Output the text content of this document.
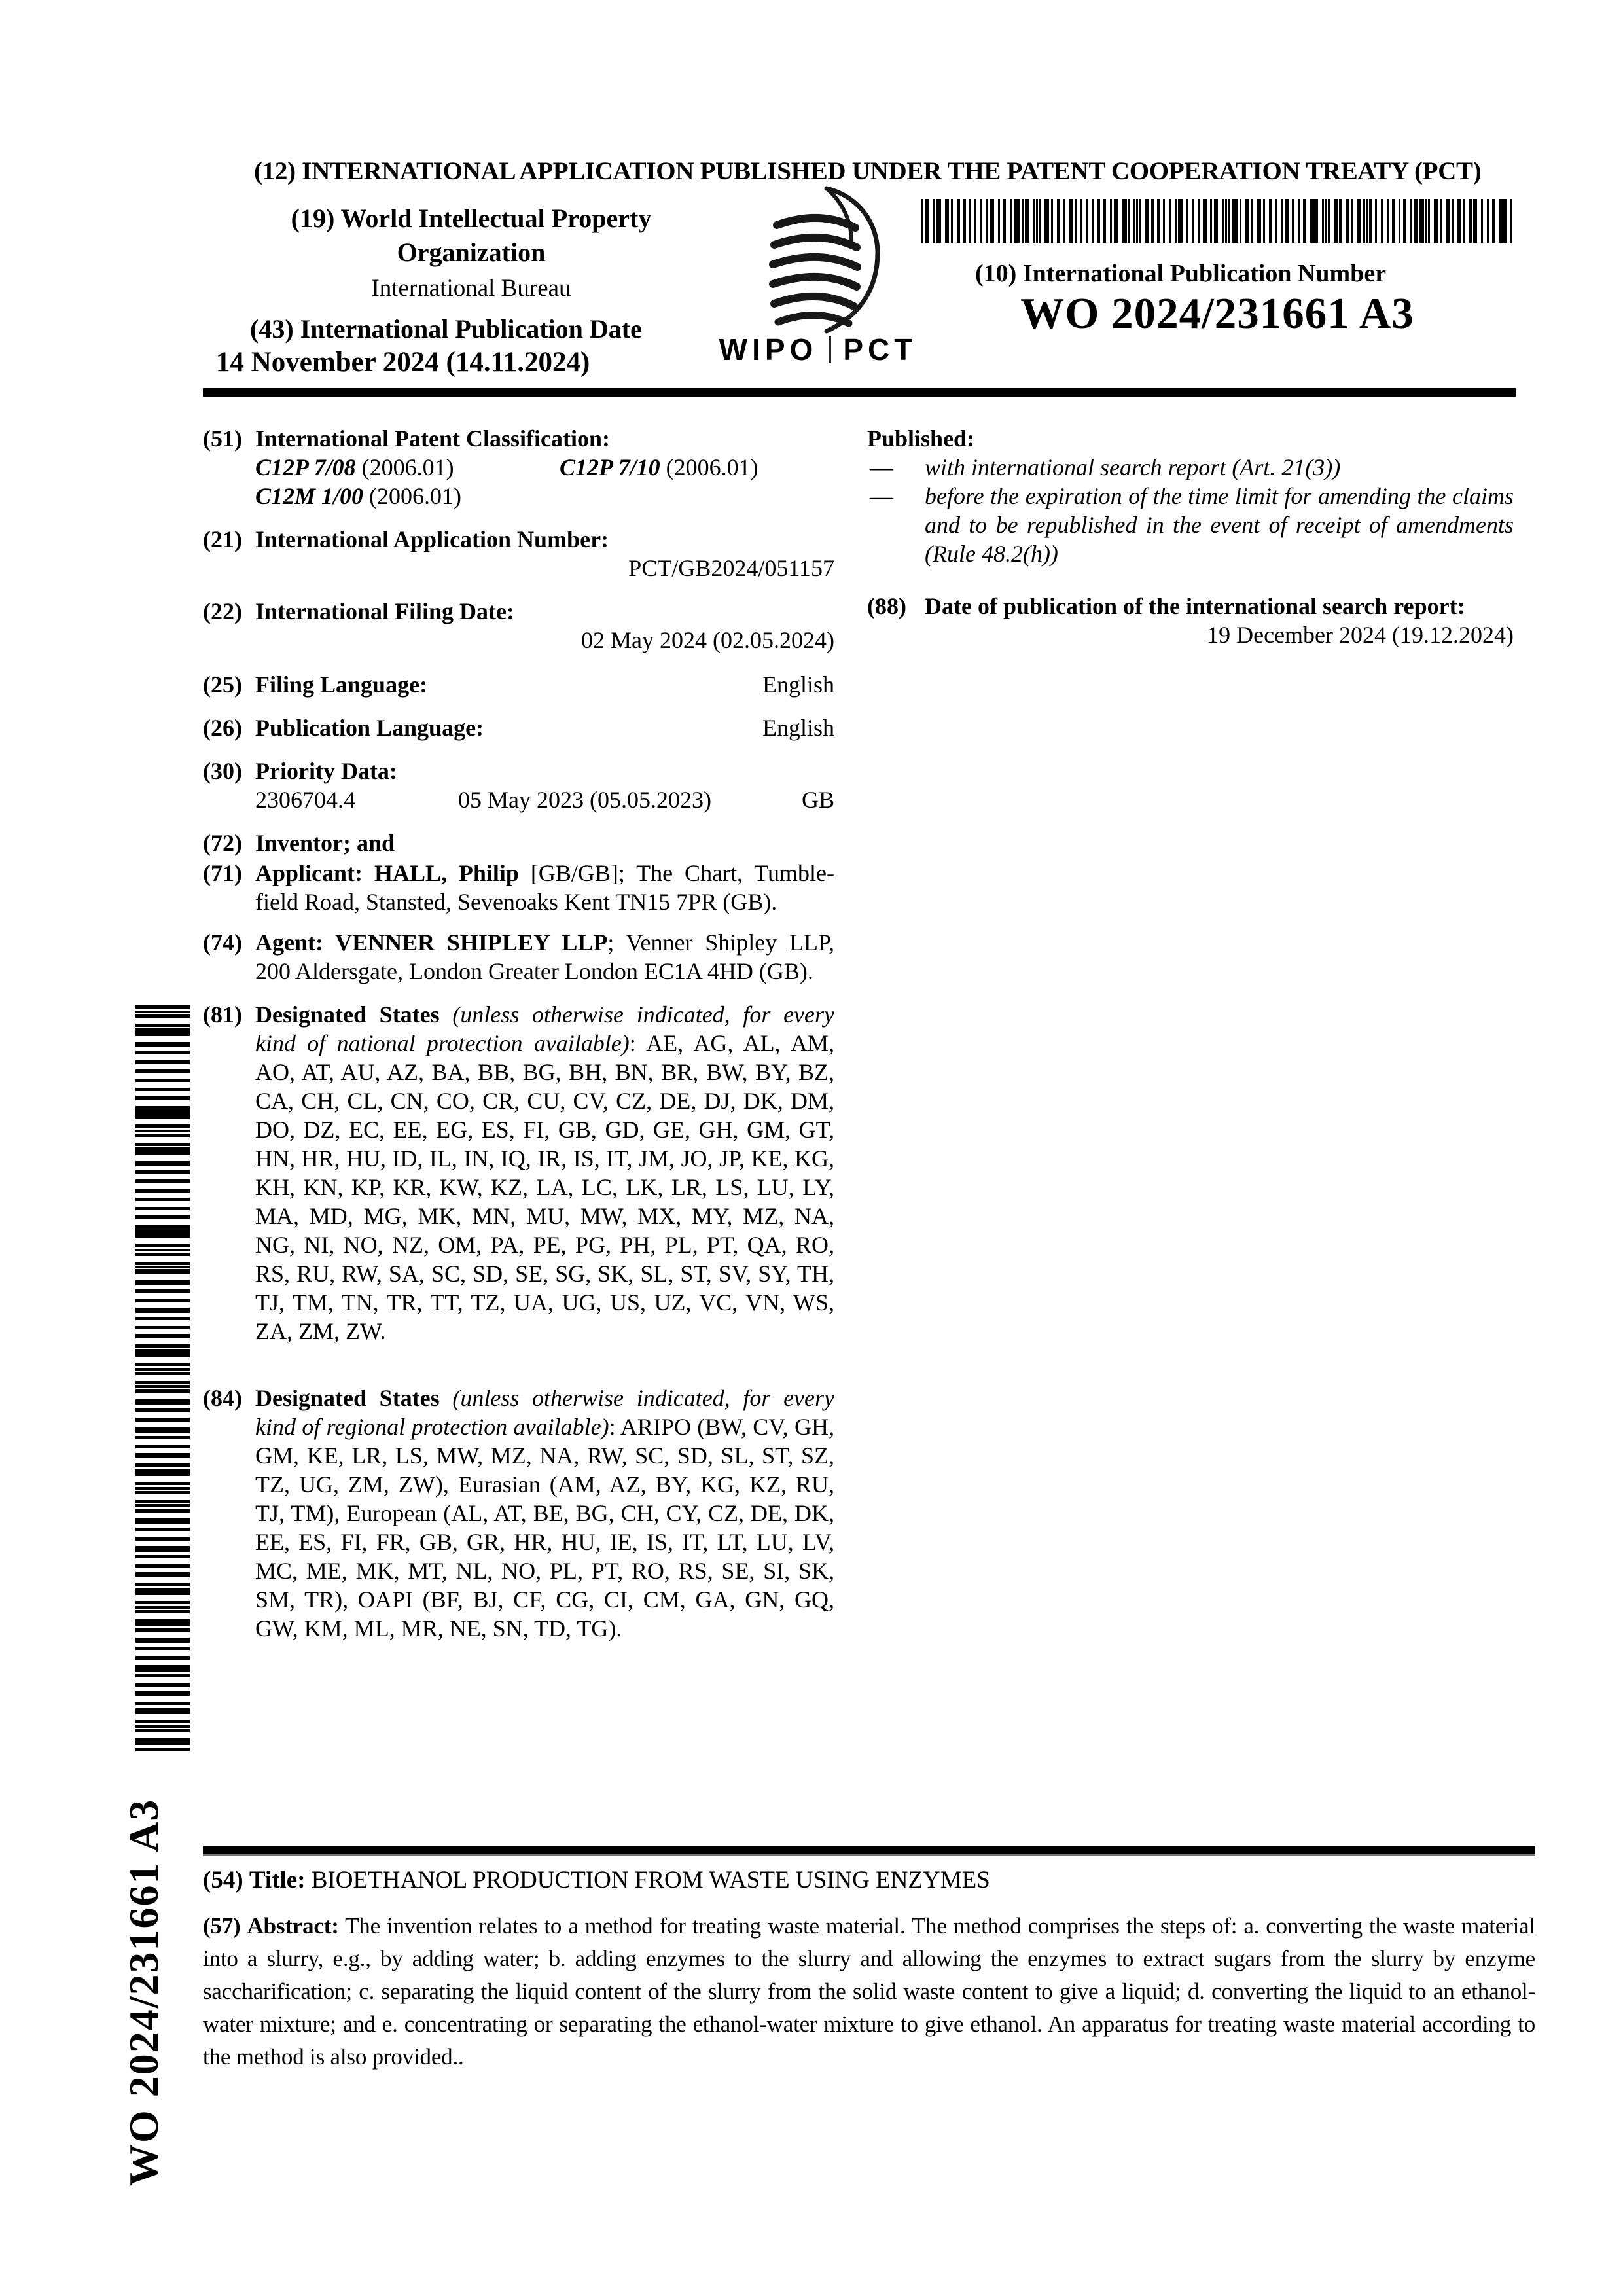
(12) INTERNATIONAL APPLICATION PUBLISHED UNDER THE PATENT COOPERATION TREATY (PCT)
(19) World Intellectual Property
Organization
International Bureau
(43) International Publication Date
14 November 2024 (14.11.2024)	WIPO PCT
(10) International Publication Number
WO 2024/231661 A3
(51) International Patent Classification:
C12P 7/08 (2006.01)	C12P 7/10 (2006.01)
C12M 1/00 (2006.01)
(21) International Application Number:
PCT/GB2024/051157
(22) International Filing Date:
02 May 2024 (02.05.2024)
(25) Filing Language:	English
(26) Publication Language:	English
(30) Priority Data:
2306704.4	05 May 2023 (05.05.2023)	GB
(72) Inventor; and
(71) Applicant: HALL, Philip [GB/GB]; The Chart, Tumble-field Road, Stansted, Sevenoaks Kent TN15 7PR (GB).
(74) Agent: VENNER SHIPLEY LLP; Venner Shipley LLP, 200 Aldersgate, London Greater London EC1A 4HD (GB).
(81) Designated States (unless otherwise indicated, for every kind of national protection available): AE, AG, AL, AM, AO, AT, AU, AZ, BA, BB, BG, BH, BN, BR, BW, BY, BZ, CA, CH, CL, CN, CO, CR, CU, CV, CZ, DE, DJ, DK, DM, DO, DZ, EC, EE, EG, ES, FI, GB, GD, GE, GH, GM, GT, HN, HR, HU, ID, IL, IN, IQ, IR, IS, IT, JM, JO, JP, KE, KG, KH, KN, KP, KR, KW, KZ, LA, LC, LK, LR, LS, LU, LY, MA, MD, MG, MK, MN, MU, MW, MX, MY, MZ, NA, NG, NI, NO, NZ, OM, PA, PE, PG, PH, PL, PT, QA, RO, RS, RU, RW, SA, SC, SD, SE, SG, SK, SL, ST, SV, SY, TH, TJ, TM, TN, TR, TT, TZ, UA, UG, US, UZ, VC, VN, WS, ZA, ZM, ZW.
(84) Designated States (unless otherwise indicated, for every kind of regional protection available): ARIPO (BW, CV, GH, GM, KE, LR, LS, MW, MZ, NA, RW, SC, SD, SL, ST, SZ, TZ, UG, ZM, ZW), Eurasian (AM, AZ, BY, KG, KZ, RU, TJ, TM), European (AL, AT, BE, BG, CH, CY, CZ, DE, DK, EE, ES, FI, FR, GB, GR, HR, HU, IE, IS, IT, LT, LU, LV, MC, ME, MK, MT, NL, NO, PL, PT, RO, RS, SE, SI, SK, SM, TR), OAPI (BF, BJ, CF, CG, CI, CM, GA, GN, GQ, GW, KM, ML, MR, NE, SN, TD, TG).
Published:
— with international search report (Art. 21(3))
— before the expiration of the time limit for amending the claims and to be republished in the event of receipt of amendments (Rule 48.2(h))
(88) Date of publication of the international search report:
19 December 2024 (19.12.2024)
(54) Title: BIOETHANOL PRODUCTION FROM WASTE USING ENZYMES
(57) Abstract: The invention relates to a method for treating waste material. The method comprises the steps of: a. converting the waste material into a slurry, e.g., by adding water; b. adding enzymes to the slurry and allowing the enzymes to extract sugars from the slurry by enzyme saccharification; c. separating the liquid content of the slurry from the solid waste content to give a liquid; d. converting the liquid to an ethanol-water mixture; and e. concentrating or separating the ethanol-water mixture to give ethanol. An apparatus for treating waste material according to the method is also provided..
WO 2024/231661 A3
